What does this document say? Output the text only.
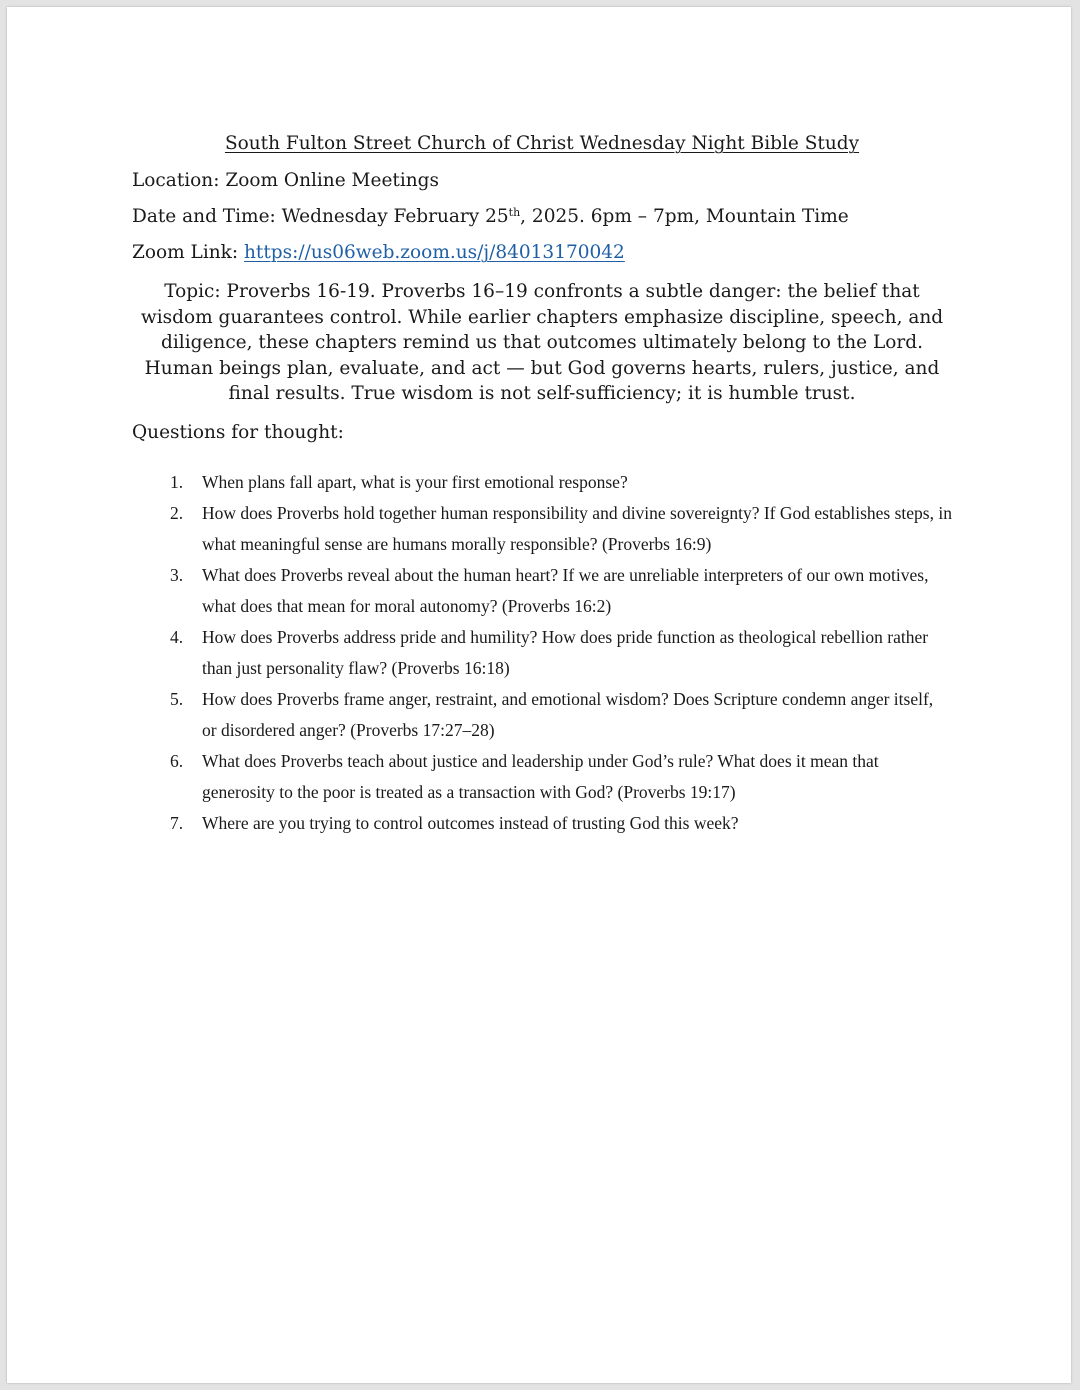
South Fulton Street Church of Christ Wednesday Night Bible Study
Location: Zoom Online Meetings
Date and Time: Wednesday February 25th, 2025. 6pm – 7pm, Mountain Time
Zoom Link: https://us06web.zoom.us/j/84013170042
Topic: Proverbs 16-19. Proverbs 16–19 confronts a subtle danger: the belief that wisdom guarantees control. While earlier chapters emphasize discipline, speech, and diligence, these chapters remind us that outcomes ultimately belong to the Lord. Human beings plan, evaluate, and act — but God governs hearts, rulers, justice, and final results. True wisdom is not self-sufficiency; it is humble trust.
Questions for thought:
1. When plans fall apart, what is your first emotional response?
2. How does Proverbs hold together human responsibility and divine sovereignty? If God establishes steps, in what meaningful sense are humans morally responsible? (Proverbs 16:9)
3. What does Proverbs reveal about the human heart? If we are unreliable interpreters of our own motives, what does that mean for moral autonomy? (Proverbs 16:2)
4. How does Proverbs address pride and humility? How does pride function as theological rebellion rather than just personality flaw? (Proverbs 16:18)
5. How does Proverbs frame anger, restraint, and emotional wisdom? Does Scripture condemn anger itself, or disordered anger? (Proverbs 17:27–28)
6. What does Proverbs teach about justice and leadership under God’s rule? What does it mean that generosity to the poor is treated as a transaction with God? (Proverbs 19:17)
7. Where are you trying to control outcomes instead of trusting God this week?
